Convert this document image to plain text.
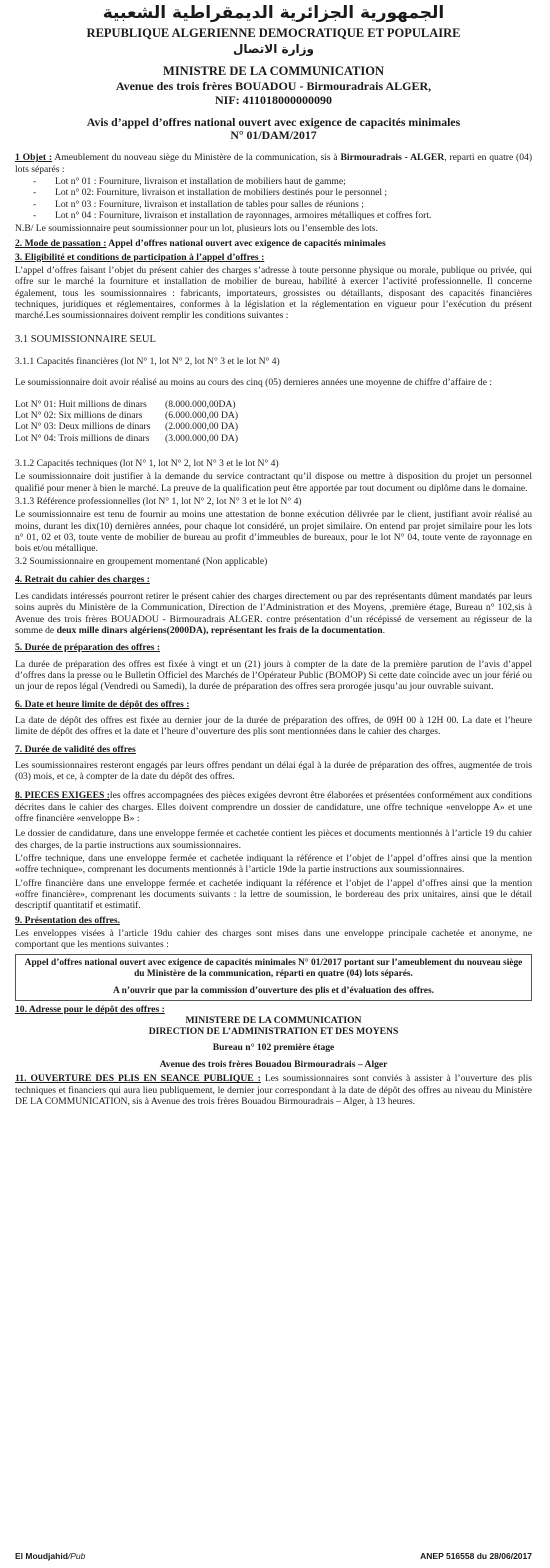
الجمهورية الجزائرية الديمقراطية الشعبية
REPUBLIQUE ALGERIENNE DEMOCRATIQUE ET POPULAIRE
وزارة الاتصال
MINISTRE DE LA COMMUNICATION
Avenue des trois frères BOUADOU - Birmouradrais ALGER,
NIF: 411018000000090
Avis d’appel d’offres national ouvert avec exigence de capacités minimales
N° 01/DAM/2017
1 Objet : Ameublement du nouveau siège du Ministère de la communication, sis à Birmouradrais - ALGER, reparti en quatre (04) lots séparés :
- Lot n° 01 : Fourniture, livraison et installation de mobiliers haut de gamme;
- Lot n° 02: Fourniture, livraison et installation de mobiliers destinés pour le personnel ;
- Lot n° 03 : Fourniture, livraison et installation de tables pour salles de réunions ;
- Lot n° 04 : Fourniture, livraison et installation de rayonnages, armoires métalliques et coffres fort.
N.B/ Le soumissionnaire peut soumissionner pour un lot, plusieurs lots ou l’ensemble des lots.
2. Mode de passation : Appel d’offres national ouvert avec exigence de capacités minimales
3. Eligibilité et conditions de participation à l’appel d’offres :
L’appel d’offres faisant l’objet du présent cahier des charges s’adresse à toute personne physique ou morale, publique ou privée, qui offre sur le marché la fourniture et installation de mobilier de bureau, habilité à exercer l’activité professionnelle. Il concerne également, tous les soumissionnaires : fabricants, importateurs, grossistes ou détaillants, disposant des capacités financières techniques, juridiques et réglementaires, conformes à la législation et la réglementation en vigueur pour l’exécution du présent marché.Les soumissionnaires doivent remplir les conditions suivantes :
3.1 SOUMISSIONNAIRE SEUL
3.1.1 Capacités financières (lot N° 1, lot N° 2, lot N° 3 et le lot N° 4)
Le soumissionnaire doit avoir réalisé au moins au cours des cinq (05) dernieres années une moyenne de chiffre d’affaire de :
Lot N° 01: Huit millions de dinars	(8.000.000,00DA)
Lot N° 02: Six millions de dinars	(6.000.000,00 DA)
Lot N° 03: Deux millions de dinars	(2.000.000,00 DA)
Lot N° 04: Trois millions de dinars	(3.000.000,00 DA)
3.1.2 Capacités techniques (lot N° 1, lot N° 2, lot N° 3 et le lot N° 4)
Le soumissionnaire doit justifier à la demande du service contractant qu’il dispose ou mettre à disposition du projet un personnel qualifié pour mener à bien le marché. La preuve de la qualification peut être apportée par tout document ou diplôme dans le domaine.
3.1.3 Référence professionnelles (lot N° 1, lot N° 2, lot N° 3 et le lot N° 4)
Le soumissionnaire est tenu de fournir au moins une attestation de bonne exécution délivrée par le client, justifiant avoir réalisé au moins, durant les dix(10) dernières années, pour chaque lot considéré, un projet similaire. On entend par projet similaire pour les lots n° 01, 02 et 03, toute vente de mobilier de bureau au profit d’immeubles de bureaux, pour le lot N° 04, toute vente de rayonnage en bois et/ou métallique.
3.2 Soumissionnaire en groupement momentané (Non applicable)
4. Retrait du cahier des charges :
Les candidats intéressés pourront retirer le présent cahier des charges directement ou par des représentants dûment mandatés par leurs soins auprès du Ministère de la Communication, Direction de l’Administration et des Moyens, ,première étage, Bureau n° 102,sis à Avenue des trois frères BOUADOU - Birmouradrais ALGER. contre présentation d’un récépissé de versement au régisseur de la somme de deux mille dinars algériens(2000DA), représentant les frais de la documentation.
5. Durée de préparation des offres :
La durée de préparation des offres est fixée à vingt et un (21) jours à compter de la date de la première parution de l’avis d’appel d’offres dans la presse ou le Bulletin Officiel des Marchés de l’Opérateur Public (BOMOP) Si cette date coïncide avec un jour férié ou un jour de repos légal (Vendredi ou Samedi), la durée de préparation des offres sera prorogée jusqu’au jour ouvrable suivant.
6. Date et heure limite de dépôt des offres :
La date de dépôt des offres est fixée au dernier jour de la durée de préparation des offres, de 09H 00 à 12H 00. La date et l’heure limite de dépôt des offres et la date et l’heure d’ouverture des plis sont mentionnées dans le cahier des charges.
7. Durée de validité des offres
Les soumissionnaires resteront engagés par leurs offres pendant un délai égal à la durée de préparation des offres, augmentée de trois (03) mois, et ce, à compter de la date du dépôt des offres.
8. PIECES EXIGEES :les offres accompagnées des pièces exigées devront être élaborées et présentées conformément aux conditions décrites dans le cahier des charges. Elles doivent comprendre un dossier de candidature, une offre technique «enveloppe A» et une offre financière «enveloppe B» :
Le dossier de candidature, dans une enveloppe fermée et cachetée contient les pièces et documents mentionnés à l’article 19 du cahier des charges, de la partie instructions aux soumissionnaires.
L’offre technique, dans une enveloppe fermée et cachetée indiquant la référence et l’objet de l’appel d’offres ainsi que la mention «offre technique», comprenant les documents mentionnés à l’article 19de la partie instructions aux soumissionnaires.
L’offre financière dans une enveloppe fermée et cachetée indiquant la référence et l’objet de l’appel d’offres ainsi que la mention «offre financière», comprenant les documents suivants : la lettre de soumission, le bordereau des prix unitaires, ainsi que le détail descriptif quantitatif et estimatif.
9. Présentation des offres.
Les enveloppes visées à l’article 19du cahier des charges sont mises dans une enveloppe principale cachetée et anonyme, ne comportant que les mentions suivantes :
Appel d’offres national ouvert avec exigence de capacités minimales N° 01/2017 portant sur l’ameublement du nouveau siège du Ministère de la communication, réparti en quatre (04) lots séparés.
A n’ouvrir que par la commission d’ouverture des plis et d’évaluation des offres.
10. Adresse pour le dépôt des offres :
MINISTERE DE LA COMMUNICATION
DIRECTION DE L’ADMINISTRATION ET DES MOYENS
Bureau n° 102 première étage
Avenue des trois frères Bouadou Birmouradrais – Alger
11. OUVERTURE DES PLIS EN SEANCE PUBLIQUE : Les soumissionnaires sont conviés à assister à l’ouverture des plis techniques et financiers qui aura lieu publiquement, le dernier jour correspondant à la date de dépôt des offres au niveau du Ministère DE LA COMMUNICATION, sis à Avenue des trois frères Bouadou Birmouradrais – Alger, à 13 heures.
El Moudjahid/Pub	ANEP 516558 du 28/06/2017
